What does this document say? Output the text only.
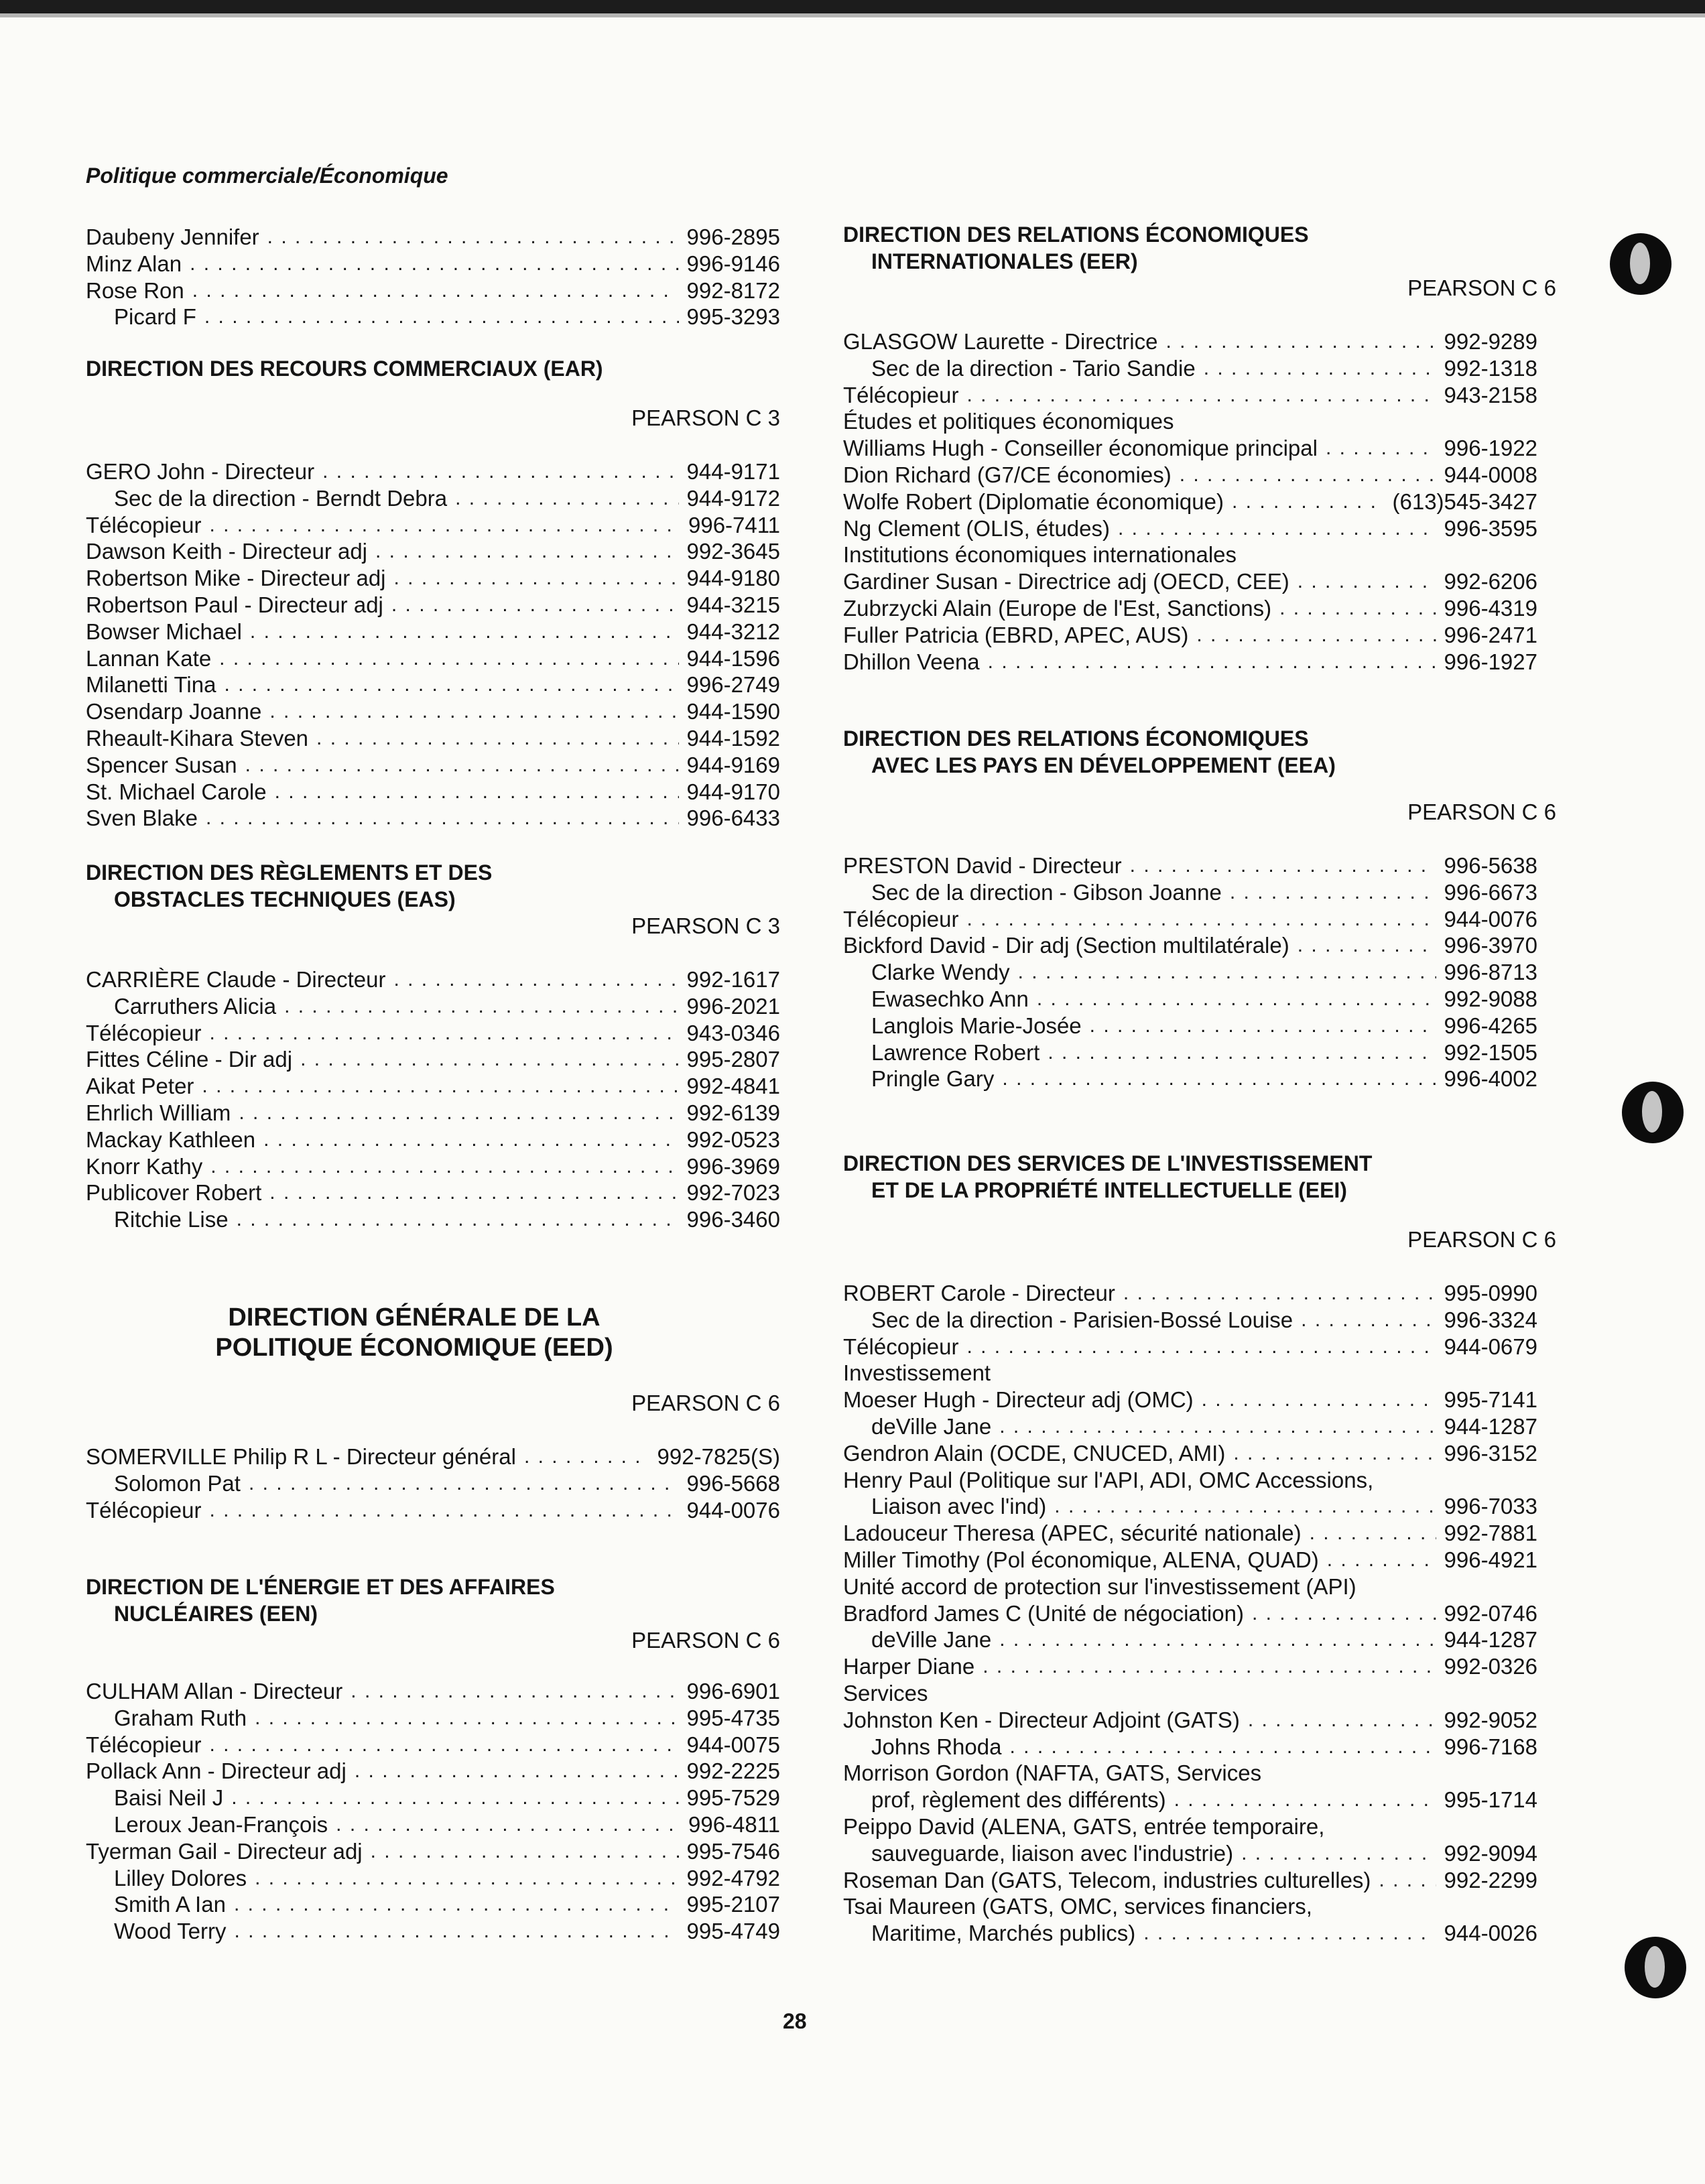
Politique commerciale/Économique
Daubeny Jennifer . . .	996-2895
Minz Alan . . .	996-9146
Rose Ron . . .	992-8172
Picard F . . .	995-3293
DIRECTION DES RECOURS COMMERCIAUX (EAR)
PEARSON C 3
GERO John - Directeur . . .	944-9171
Sec de la direction - Berndt Debra . . .	944-9172
Télécopieur . . .	996-7411
Dawson Keith - Directeur adj . . .	992-3645
Robertson Mike - Directeur adj . . .	944-9180
Robertson Paul - Directeur adj . . .	944-3215
Bowser Michael . . .	944-3212
Lannan Kate . . .	944-1596
Milanetti Tina . . .	996-2749
Osendarp Joanne . . .	944-1590
Rheault-Kihara Steven . . .	944-1592
Spencer Susan . . .	944-9169
St. Michael Carole . . .	944-9170
Sven Blake . . .	996-6433
DIRECTION DES RÈGLEMENTS ET DES
OBSTACLES TECHNIQUES (EAS)
PEARSON C 3
CARRIÈRE Claude - Directeur . . .	992-1617
Carruthers Alicia . . .	996-2021
Télécopieur . . .	943-0346
Fittes Céline - Dir adj . . .	995-2807
Aikat Peter . . .	992-4841
Ehrlich William . . .	992-6139
Mackay Kathleen . . .	992-0523
Knorr Kathy . . .	996-3969
Publicover Robert . . .	992-7023
Ritchie Lise . . .	996-3460
DIRECTION GÉNÉRALE DE LA
POLITIQUE ÉCONOMIQUE (EED)
PEARSON C 6
SOMERVILLE Philip R L - Directeur général . . .	992-7825(S)
Solomon Pat . . .	996-5668
Télécopieur . . .	944-0076
DIRECTION DE L'ÉNERGIE ET DES AFFAIRES
NUCLÉAIRES (EEN)
PEARSON C 6
CULHAM Allan - Directeur . . .	996-6901
Graham Ruth . . .	995-4735
Télécopieur . . .	944-0075
Pollack Ann - Directeur adj . . .	992-2225
Baisi Neil J . . .	995-7529
Leroux Jean-François . . .	996-4811
Tyerman Gail - Directeur adj . . .	995-7546
Lilley Dolores . . .	992-4792
Smith A Ian . . .	995-2107
Wood Terry . . .	995-4749
DIRECTION DES RELATIONS ÉCONOMIQUES
INTERNATIONALES (EER)
PEARSON C 6
GLASGOW Laurette - Directrice . . .	992-9289
Sec de la direction - Tario Sandie . . .	992-1318
Télécopieur . . .	943-2158
Études et politiques économiques
Williams Hugh - Conseiller économique principal . . .	996-1922
Dion Richard (G7/CE économies) . . .	944-0008
Wolfe Robert (Diplomatie économique) . . .	(613)545-3427
Ng Clement (OLIS, études) . . .	996-3595
Institutions économiques internationales
Gardiner Susan - Directrice adj (OECD, CEE) . . .	992-6206
Zubrzycki Alain (Europe de l'Est, Sanctions) . . .	996-4319
Fuller Patricia (EBRD, APEC, AUS) . . .	996-2471
Dhillon Veena . . .	996-1927
DIRECTION DES RELATIONS ÉCONOMIQUES
AVEC LES PAYS EN DÉVELOPPEMENT (EEA)
PEARSON C 6
PRESTON David - Directeur . . .	996-5638
Sec de la direction - Gibson Joanne . . .	996-6673
Télécopieur . . .	944-0076
Bickford David - Dir adj (Section multilatérale) . . .	996-3970
Clarke Wendy . . .	996-8713
Ewasechko Ann . . .	992-9088
Langlois Marie-Josée . . .	996-4265
Lawrence Robert . . .	992-1505
Pringle Gary . . .	996-4002
DIRECTION DES SERVICES DE L'INVESTISSEMENT
ET DE LA PROPRIÉTÉ INTELLECTUELLE (EEI)
PEARSON C 6
ROBERT Carole - Directeur . . .	995-0990
Sec de la direction - Parisien-Bossé Louise . . .	996-3324
Télécopieur . . .	944-0679
Investissement
Moeser Hugh - Directeur adj (OMC) . . .	995-7141
deVille Jane . . .	944-1287
Gendron Alain (OCDE, CNUCED, AMI) . . .	996-3152
Henry Paul (Politique sur l'API, ADI, OMC Accessions,
Liaison avec l'ind) . . .	996-7033
Ladouceur Theresa (APEC, sécurité nationale) . . .	992-7881
Miller Timothy (Pol économique, ALENA, QUAD) . . .	996-4921
Unité accord de protection sur l'investissement (API)
Bradford James C (Unité de négociation) . . .	992-0746
deVille Jane . . .	944-1287
Harper Diane . . .	992-0326
Services
Johnston Ken - Directeur Adjoint (GATS) . . .	992-9052
Johns Rhoda . . .	996-7168
Morrison Gordon (NAFTA, GATS, Services
prof, règlement des différents) . . .	995-1714
Peippo David (ALENA, GATS, entrée temporaire,
sauveguarde, liaison avec l'industrie) . . .	992-9094
Roseman Dan (GATS, Telecom, industries culturelles) . . .	992-2299
Tsai Maureen (GATS, OMC, services financiers,
Maritime, Marchés publics) . . .	944-0026
28
